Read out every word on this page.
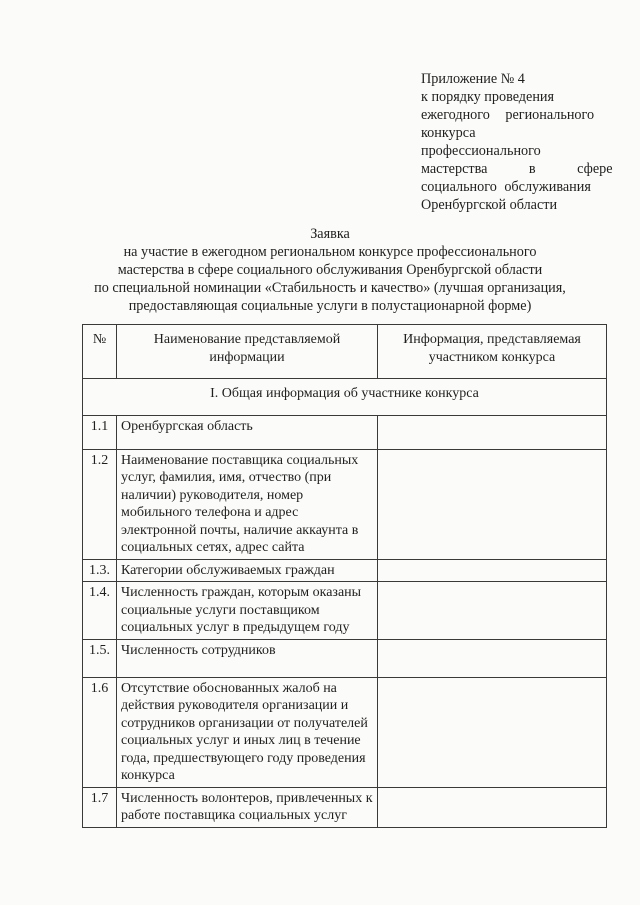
Приложение № 4
к порядку проведения
ежегодного регионального
конкурса
профессионального
мастерства в сфере
социального обслуживания
Оренбургской области
Заявка
на участие в ежегодном региональном конкурсе профессионального
мастерства в сфере социального обслуживания Оренбургской области
по специальной номинации «Стабильность и качество» (лучшая организация,
предоставляющая социальные услуги в полустационарной форме)
№	Наименование представляемой информации	Информация, представляемая участником конкурса
I. Общая информация об участнике конкурса		
1.1	Оренбургская область	
1.2	Наименование поставщика социальных услуг, фамилия, имя, отчество (при наличии) руководителя, номер мобильного телефона и адрес электронной почты, наличие аккаунта в социальных сетях, адрес сайта	
1.3.	Категории обслуживаемых граждан	
1.4.	Численность граждан, которым оказаны социальные услуги поставщиком социальных услуг в предыдущем году	
1.5.	Численность сотрудников	
1.6	Отсутствие обоснованных жалоб на действия руководителя организации и сотрудников организации от получателей социальных услуг и иных лиц в течение года, предшествующего году проведения конкурса	
1.7	Численность волонтеров, привлеченных к работе поставщика социальных услуг	
